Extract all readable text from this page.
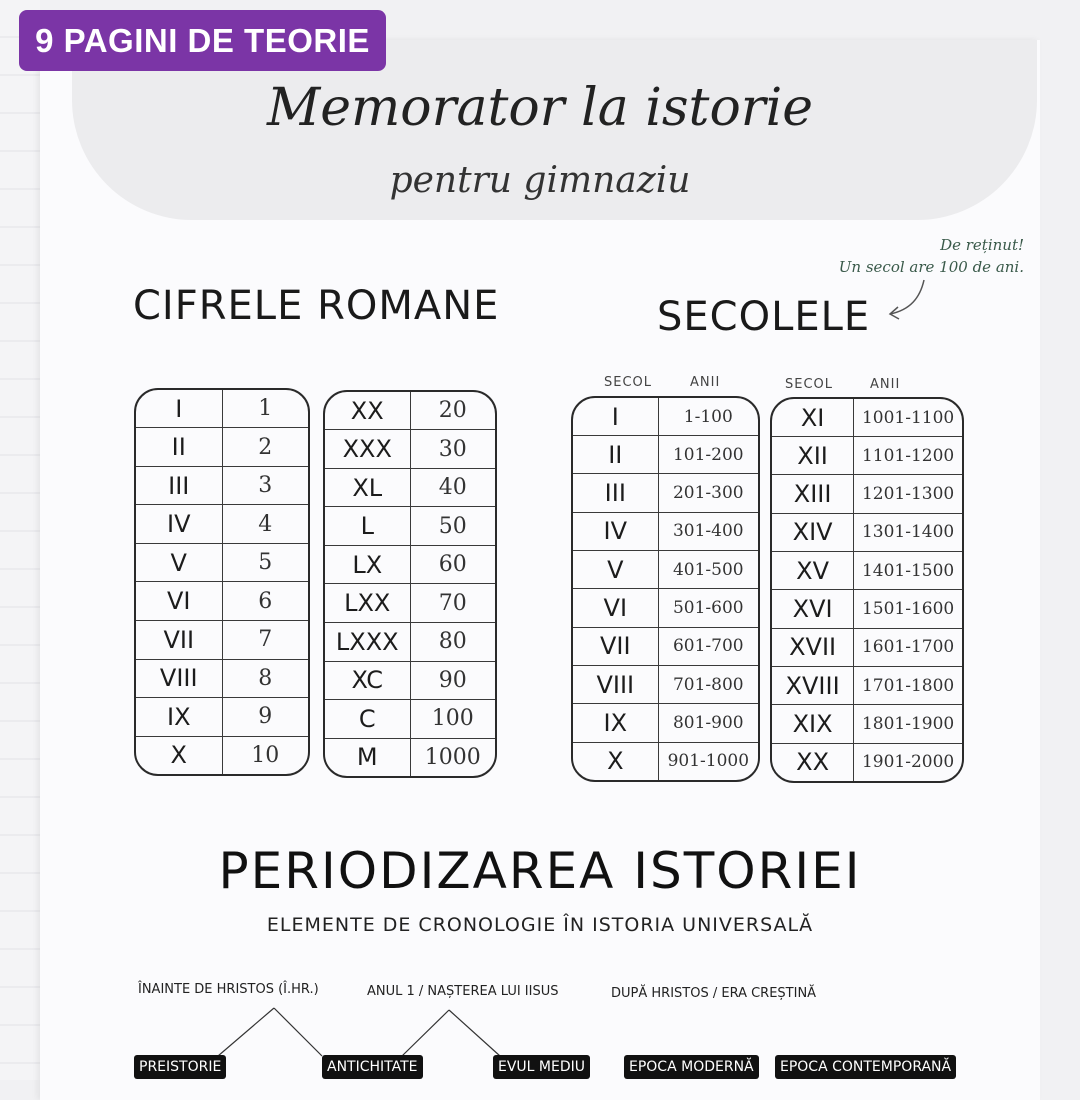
9 PAGINI DE TEORIE
Memorator la istorie
pentru gimnaziu
De reținut!
Un secol are 100 de ani.
CIFRELE ROMANE	SECOLELE
I	1
II	2
III	3
IV	4
V	5
VI	6
VII	7
VIII	8
IX	9
X	10
XX	20
XXX	30
XL	40
L	50
LX	60
LXX	70
LXXX	80
XC	90
C	100
M	1000
SECOL	ANII	SECOL	ANII
I	1-100
II	101-200
III	201-300
IV	301-400
V	401-500
VI	501-600
VII	601-700
VIII	701-800
IX	801-900
X	901-1000
XI	1001-1100
XII	1101-1200
XIII	1201-1300
XIV	1301-1400
XV	1401-1500
XVI	1501-1600
XVII	1601-1700
XVIII	1701-1800
XIX	1801-1900
XX	1901-2000
PERIODIZAREA ISTORIEI
ELEMENTE DE CRONOLOGIE ÎN ISTORIA UNIVERSALĂ
ÎNAINTE DE HRISTOS (Î.HR.)	ANUL 1 / NAȘTEREA LUI IISUS	DUPĂ HRISTOS / ERA CREȘTINĂ
PREISTORIE	ANTICHITATE	EVUL MEDIU	EPOCA MODERNĂ	EPOCA CONTEMPORANĂ
